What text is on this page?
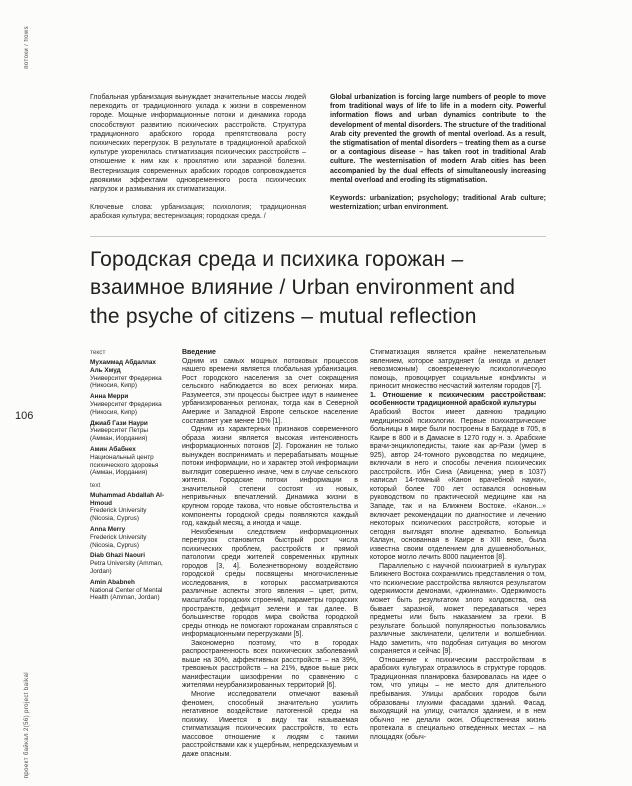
потоки / flows
106
проект байкал 2(56) project baikal
Глобальная урбанизация вынуждает значительные массы людей переходить от традиционного уклада к жизни в современном городе. Мощные информационные потоки и динамика города способствуют развитию психических расстройств. Структура традиционного арабского города препятствовала росту психических перегрузок. В результате в традиционной арабской культуре укоренилась стигматизация психических расстройств – отношение к ним как к проклятию или заразной болезни. Вестернизация современных арабских городов сопровождается двоякими эффектами одновременного роста психических нагрузок и размывания их стигматизации.
Ключевые слова: урбанизация; психология; традиционная арабская культура; вестернизация; городская среда. /
Global urbanization is forcing large numbers of people to move from traditional ways of life to life in a modern city. Powerful information flows and urban dynamics contribute to the development of mental disorders. The structure of the traditional Arab city prevented the growth of mental overload. As a result, the stigmatisation of mental disorders – treating them as a curse or a contagious disease – has taken root in traditional Arab culture. The westernisation of modern Arab cities has been accompanied by the dual effects of simultaneously increasing mental overload and eroding its stigmatisation.
Keywords: urbanization; psychology; traditional Arab culture; westernization; urban environment.
Городская среда и психика горожан – взаимное влияние / Urban environment and the psyche of citizens – mutual reflection
текст
Мухаммад Абдаллах Аль Хмуд
Университет Фредерика (Никосия, Кипр)
Анна Мерри
Университет Фредерика (Никосия, Кипр)
Джиаб Гази Наури
Университет Петры (Амман, Иордания)
Амин Абабнех
Национальный центр психического здоровья (Амман, Иордания)
text
Muhammad Abdallah Al-Hmoud
Frederick University (Nicosia, Cyprus)
Anna Merry
Frederick University (Nicosia, Cyprus)
Diab Ghazi Naouri
Petra University (Amman, Jordan)
Amin Ababneh
National Center of Mental Health (Amman, Jordan)

Введение

Одним из самых мощных потоковых процессов нашего времени является глобальная урбанизация. Рост городского населения за счет сокращения сельского наблюдается во всех регионах мира. Разумеется, эти процессы быстрее идут в наименее урбанизированных регионах, тогда как в Северной Америке и Западной Европе сельское население составляет уже менее 10% [1].

Одним из характерных признаков современного образа жизни является высокая интенсивность информационных потоков [2]. Горожанин не только вынужден воспринимать и перерабатывать мощные потоки информации, но и характер этой информации выглядит совершенно иначе, чем в случае сельского жителя. Городские потоки информации в значительной степени состоят из новых, непривычных впечатлений. Динамика жизни в крупном городе такова, что новые обстоятельства и компоненты городской среды появляются каждый год, каждый месяц, а иногда и чаще.

Неизбежным следствием информационных перегрузок становится быстрый рост числа психических проблем, расстройств и прямой патологии среди жителей современных крупных городов [3, 4]. Болезнетворному воздействию городской среды посвящены многочисленные исследования, в которых рассматриваются различные аспекты этого явления – цвет, ритм, масштабы городских строений, параметры городских пространств, дефицит зелени и так далее. В большинстве городов мира свойства городской среды отнюдь не помогают горожанам справляться с информационными перегрузками [5].

Закономерно поэтому, что в городах распространенность всех психических заболеваний выше на 30%, аффективных расстройств – на 39%, тревожных расстройств – на 21%, вдвое выше риск манифестации шизофрении по сравнению с жителями неурбанизированных территорий [6].

Многие исследователи отмечают важный феномен, способный значительно усилить негативное воздействие патогенной среды на психику. Имеется в виду так называемая стигматизация психических расстройств, то есть массовое отношение к людям с такими расстройствами как к ущербным, непредсказуемым и даже опасным.

Стигматизация является крайне нежелательным явлением, которое затрудняет (а иногда и делает невозможным) своевременную психологическую помощь, провоцирует социальные конфликты и приносит множество несчастий жителям городов [7].

1. Отношение к психическим расстройствам: особенности традиционной арабской культуры

Арабский Восток имеет давнюю традицию медицинской психологии. Первые психиатрические больницы в мире были построены в Багдаде в 705, в Каире в 800 и в Дамаске в 1270 году н. э. Арабские врачи-энциклопедисты, такие как ар-Рази (умер в 925), автор 24-томного руководства по медицине, включали в него и способы лечения психических расстройств. Ибн Сина (Авиценна; умер в 1037) написал 14-томный «Канон врачебной науки», который более 700 лет оставался основным руководством по практической медицине как на Западе, так и на Ближнем Востоке. «Канон...» включает рекомендации по диагностике и лечению некоторых психических расстройств, которые и сегодня выглядят вполне адекватно. Больница Калаун, основанная в Каире в XIII веке, была известна своим отделением для душевнобольных, которое могло лечить 8000 пациентов [8].

Параллельно с научной психиатрией в культурах Ближнего Востока сохранились представления о том, что психические расстройства являются результатом одержимости демонами, «джиннами». Одержимость может быть результатом злого колдовства, она бывает заразной, может передаваться через предметы или быть наказанием за грехи. В результате большой популярностью пользовались различные заклинатели, целители и волшебники. Надо заметить, что подобная ситуация во многом сохраняется и сейчас [9].

Отношение к психическим расстройствам в арабских культурах отразилось в структуре городов. Традиционная планировка базировалась на идее о том, что улицы – не место для длительного пребывания. Улицы арабских городов были образованы глухими фасадами зданий. Фасад, выходящий на улицу, считался зданием, и в нем обычно не делали окон. Общественная жизнь протекала в специально отведенных местах – на площадях (обыч-
